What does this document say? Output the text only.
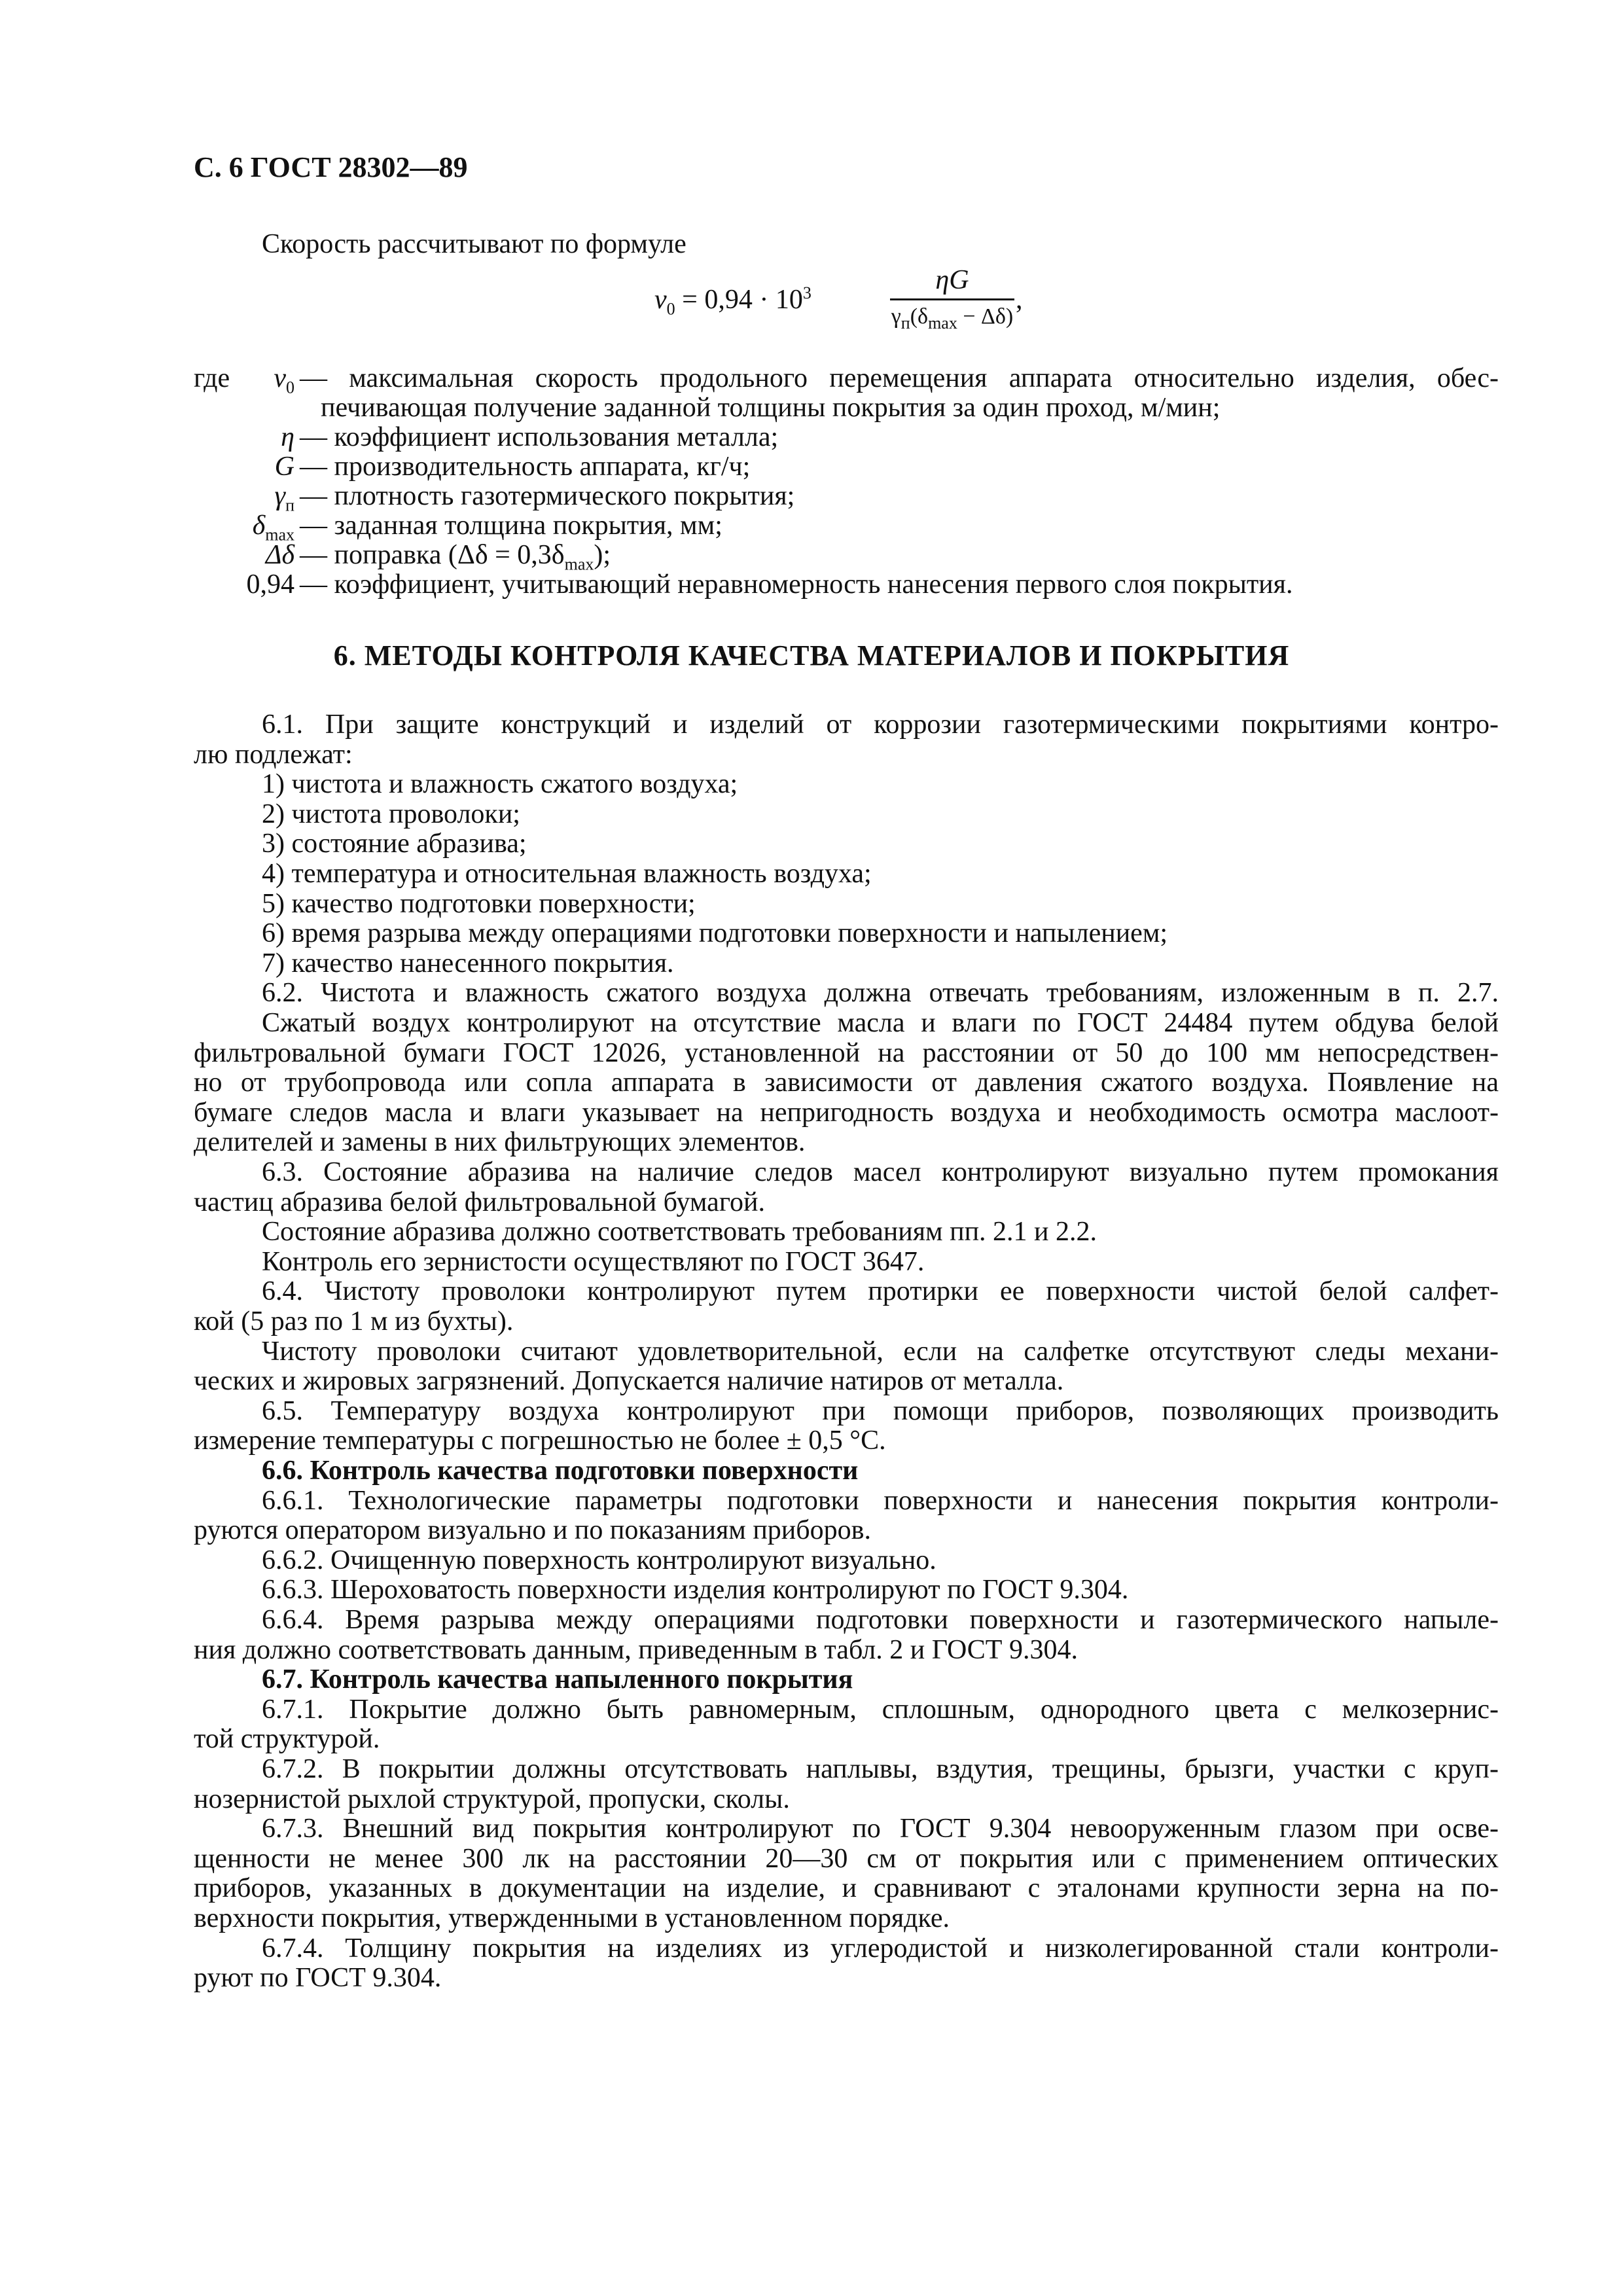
С. 6 ГОСТ 28302—89
Скорость рассчитывают по формуле
$v_0 = 0,94 \cdot 10^3$	ηG
$\gamma_п(\delta_{max} - \Delta\delta)$
,
где $v_0$ — максимальная скорость продольного перемещения аппарата относительно изделия, обес-
печивающая получение заданной толщины покрытия за один проход, м/мин;
η — коэффициент использования металла;
G — производительность аппарата, кг/ч;
$\gamma_п$ — плотность газотермического покрытия;
$\delta_{max}$ — заданная толщина покрытия, мм;
Δδ — поправка $(\Delta\delta = 0,3\delta_{max})$;
0,94 — коэффициент, учитывающий неравномерность нанесения первого слоя покрытия.
6. МЕТОДЫ КОНТРОЛЯ КАЧЕСТВА МАТЕРИАЛОВ И ПОКРЫТИЯ
6.1. При защите конструкций и изделий от коррозии газотермическими покрытиями контро-
лю подлежат:
1) чистота и влажность сжатого воздуха;
2) чистота проволоки;
3) состояние абразива;
4) температура и относительная влажность воздуха;
5) качество подготовки поверхности;
6) время разрыва между операциями подготовки поверхности и напылением;
7) качество нанесенного покрытия.
6.2. Чистота и влажность сжатого воздуха должна отвечать требованиям, изложенным в п. 2.7.
Сжатый воздух контролируют на отсутствие масла и влаги по ГОСТ 24484 путем обдува белой
фильтровальной бумаги ГОСТ 12026, установленной на расстоянии от 50 до 100 мм непосредствен-
но от трубопровода или сопла аппарата в зависимости от давления сжатого воздуха. Появление на
бумаге следов масла и влаги указывает на непригодность воздуха и необходимость осмотра маслоот-
делителей и замены в них фильтрующих элементов.
6.3. Состояние абразива на наличие следов масел контролируют визуально путем промокания
частиц абразива белой фильтровальной бумагой.
Состояние абразива должно соответствовать требованиям пп. 2.1 и 2.2.
Контроль его зернистости осуществляют по ГОСТ 3647.
6.4. Чистоту проволоки контролируют путем протирки ее поверхности чистой белой салфет-
кой (5 раз по 1 м из бухты).
Чистоту проволоки считают удовлетворительной, если на салфетке отсутствуют следы механи-
ческих и жировых загрязнений. Допускается наличие натиров от металла.
6.5. Температуру воздуха контролируют при помощи приборов, позволяющих производить
измерение температуры с погрешностью не более ± 0,5 °С.
6.6. Контроль качества подготовки поверхности
6.6.1. Технологические параметры подготовки поверхности и нанесения покрытия контроли-
руются оператором визуально и по показаниям приборов.
6.6.2. Очищенную поверхность контролируют визуально.
6.6.3. Шероховатость поверхности изделия контролируют по ГОСТ 9.304.
6.6.4. Время разрыва между операциями подготовки поверхности и газотермического напыле-
ния должно соответствовать данным, приведенным в табл. 2 и ГОСТ 9.304.
6.7. Контроль качества напыленного покрытия
6.7.1. Покрытие должно быть равномерным, сплошным, однородного цвета с мелкозернис-
той структурой.
6.7.2. В покрытии должны отсутствовать наплывы, вздутия, трещины, брызги, участки с круп-
нозернистой рыхлой структурой, пропуски, сколы.
6.7.3. Внешний вид покрытия контролируют по ГОСТ 9.304 невооруженным глазом при осве-
щенности не менее 300 лк на расстоянии 20—30 см от покрытия или с применением оптических
приборов, указанных в документации на изделие, и сравнивают с эталонами крупности зерна на по-
верхности покрытия, утвержденными в установленном порядке.
6.7.4. Толщину покрытия на изделиях из углеродистой и низколегированной стали контроли-
руют по ГОСТ 9.304.
